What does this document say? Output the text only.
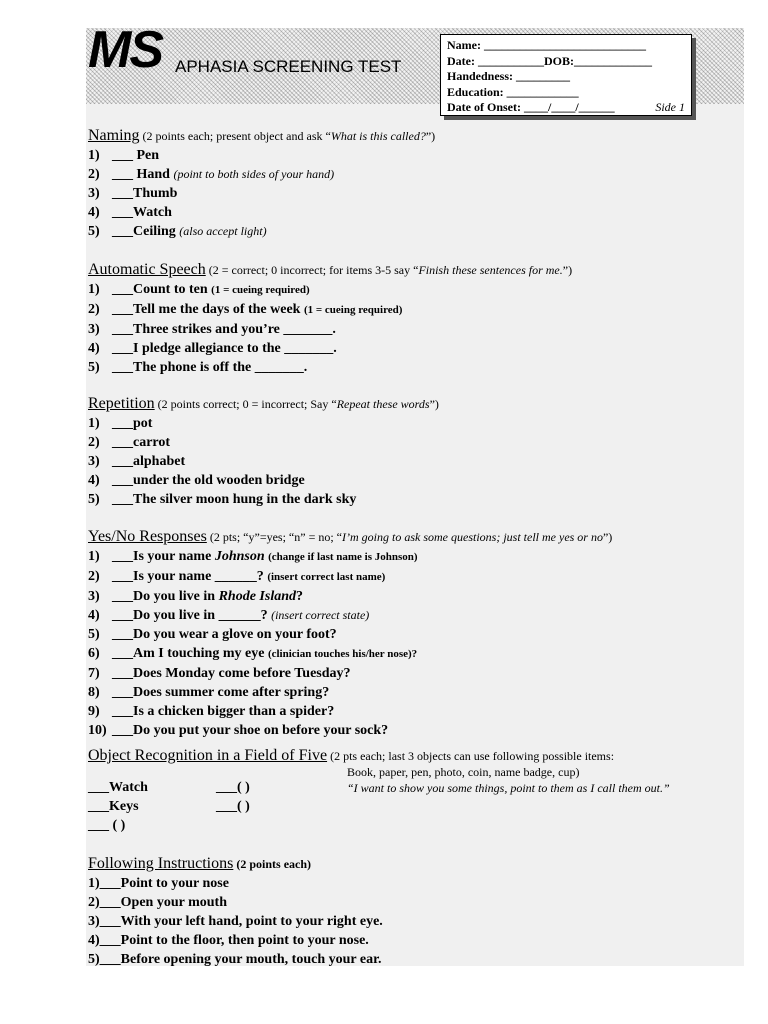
MS APHASIA SCREENING TEST
Name: ___________________________
Date: ___________DOB:_____________
Handedness: _________
Education: ____________
Date of Onset: ____/____/______	Side 1
Naming (2 points each; present object and ask “What is this called?”)
1) ___ Pen
2) ___ Hand (point to both sides of your hand)
3) ___Thumb
4) ___Watch
5) ___Ceiling (also accept light)
Automatic Speech (2 = correct; 0 incorrect; for items 3-5 say “Finish these sentences for me.”)
1) ___Count to ten (1 = cueing required)
2) ___Tell me the days of the week (1 = cueing required)
3) ___Three strikes and you’re _______.
4) ___I pledge allegiance to the _______.
5) ___The phone is off the _______.
Repetition (2 points correct; 0 = incorrect; Say “Repeat these words”)
1) ___pot
2) ___carrot
3) ___alphabet
4) ___under the old wooden bridge
5) ___The silver moon hung in the dark sky
Yes/No Responses (2 pts; “y”=yes; “n” = no; “I’m going to ask some questions; just tell me yes or no”)
1) ___Is your name Johnson (change if last name is Johnson)
2) ___Is your name ______? (insert correct last name)
3) ___Do you live in Rhode Island?
4) ___Do you live in ______? (insert correct state)
5) ___Do you wear a glove on your foot?
6) ___Am I touching my eye (clinician touches his/her nose)?
7) ___Does Monday come before Tuesday?
8) ___Does summer come after spring?
9) ___Is a chicken bigger than a spider?
10) ___Do you put your shoe on before your sock?
Object Recognition in a Field of Five (2 pts each; last 3 objects can use following possible items:
Book, paper, pen, photo, coin, name badge, cup)
“I want to show you some things, point to them as I call them out.”
___Watch	___( )
___Keys	___( )
___ ( )
Following Instructions (2 points each)
1)___Point to your nose
2)___Open your mouth
3)___With your left hand, point to your right eye.
4)___Point to the floor, then point to your nose.
5)___Before opening your mouth, touch your ear.
